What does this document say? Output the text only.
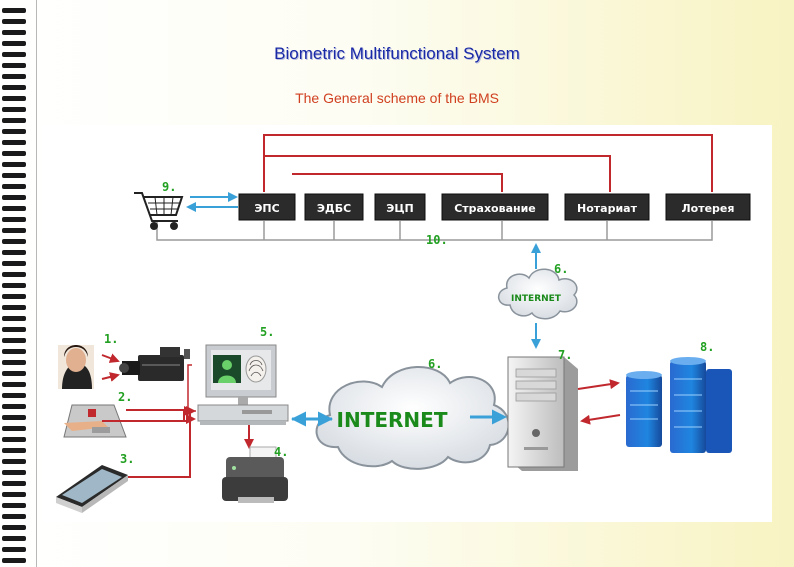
Biometric Multifunctional System
The General scheme of the BMS
ЭПС	ЭДБС	ЭЦП	Страхование	Нотариат	Лотерея
INTERNET
INTERNET
9.
10.
6.
1.	5.
6.
7.
8.
2.
3.	4.
